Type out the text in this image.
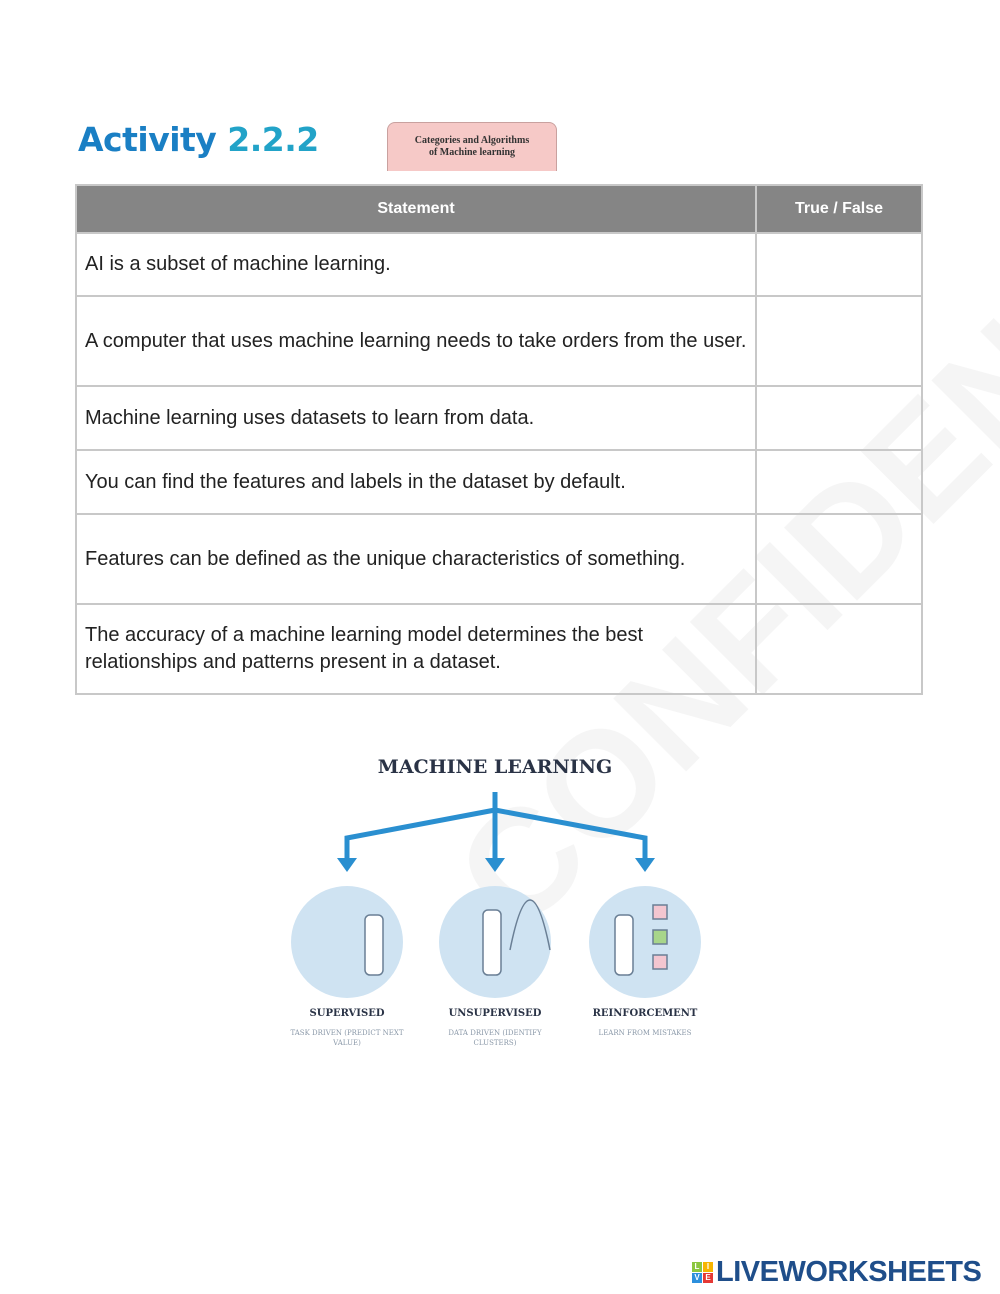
Activity 2.2.2	Categories and Algorithms
of Machine learning
Statement	True / False
AI is a subset of machine learning.	
A computer that uses machine learning needs to take orders from the user.	
Machine learning uses datasets to learn from data.	
You can find the features and labels in the dataset by default.	
Features can be defined as the unique characteristics of something.	
The accuracy of a machine learning model determines the best relationships and patterns present in a dataset.	
MACHINE LEARNING
SUPERVISED
TASK DRIVEN (PREDICT NEXT VALUE)
UNSUPERVISED
DATA DRIVEN (IDENTIFY CLUSTERS)
REINFORCEMENT
LEARN FROM MISTAKES
L I
V E LIVEWORKSHEETS
